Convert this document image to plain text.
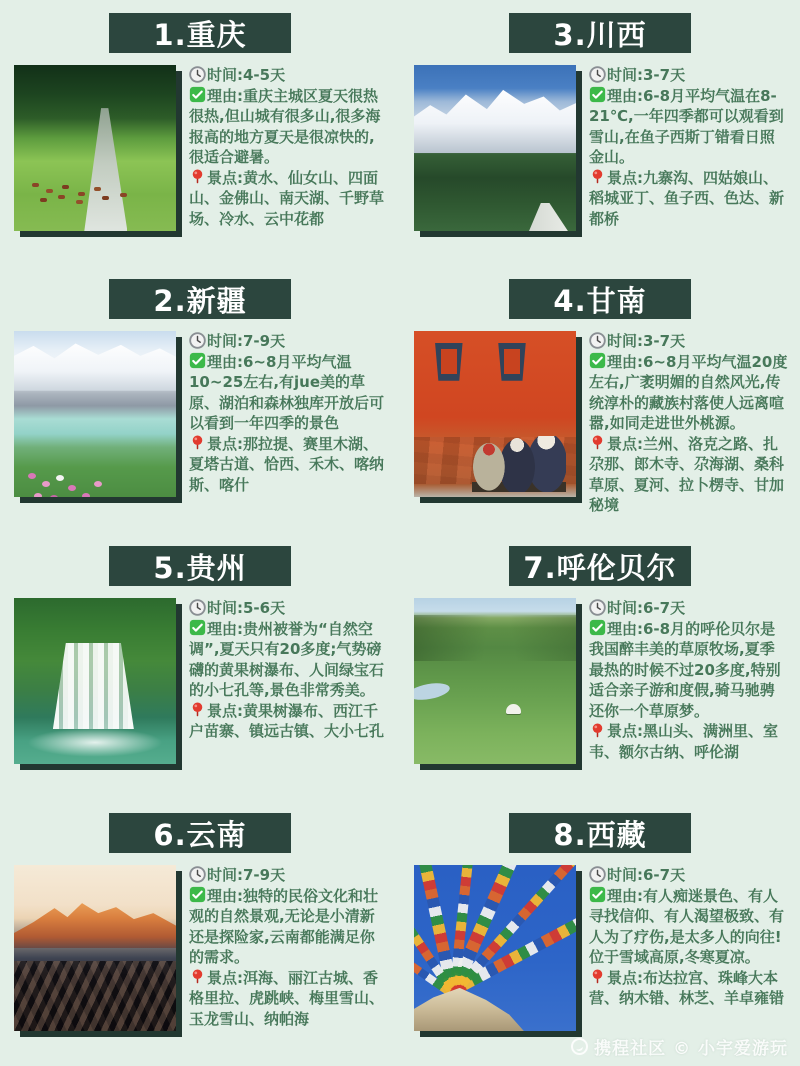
1.重庆

时间:4-5天

理由:重庆主城区夏天很热很热,但山城有很多山,很多海报高的地方夏天是很凉快的,很适合避暑。

景点:黄水、仙女山、四面山、金佛山、南天湖、千野草场、冷水、云中花都

3.川西

时间:3-7天

理由:6-8月平均气温在8-21℃,一年四季都可以观看到雪山,在鱼子西斯丁错看日照金山。

景点:九寨沟、四姑娘山、稻城亚丁、鱼子西、色达、新都桥

2.新疆

时间:7-9天

理由:6~8月平均气温10~25左右,有jue美的草原、湖泊和森林独库开放后可以看到一年四季的景色

景点:那拉提、赛里木湖、夏塔古道、恰西、禾木、喀纳斯、喀什

4.甘南

时间:3-7天

理由:6~8月平均气温20度左右,广袤明媚的自然风光,传统淳朴的藏族村落使人远离喧嚣,如同走进世外桃源。

景点:兰州、洛克之路、扎尕那、郎木寺、尕海湖、桑科草原、夏河、拉卜楞寺、甘加秘境

5.贵州

时间:5-6天

理由:贵州被誉为“自然空调”,夏天只有20多度;气势磅礴的黄果树瀑布、人间绿宝石的小七孔等,景色非常秀美。

景点:黄果树瀑布、西江千户苗寨、镇远古镇、大小七孔

7.呼伦贝尔

时间:6-7天

理由:6-8月的呼伦贝尔是我国醉丰美的草原牧场,夏季最热的时候不过20多度,特别适合亲子游和度假,骑马驰骋还你一个草原梦。

景点:黑山头、满洲里、室韦、额尔古纳、呼伦湖

6.云南

时间:7-9天

理由:独特的民俗文化和壮观的自然景观,无论是小清新还是探险家,云南都能满足你的需求。

景点:洱海、丽江古城、香格里拉、虎跳峡、梅里雪山、玉龙雪山、纳帕海

8.西藏

时间:6-7天

理由:有人痴迷景色、有人寻找信仰、有人渴望极致、有人为了疗伤,是太多人的向往!位于雪域高原,冬寒夏凉。

景点:布达拉宫、珠峰大本营、纳木错、林芝、羊卓雍错

携程社区 © 小宇爱游玩
